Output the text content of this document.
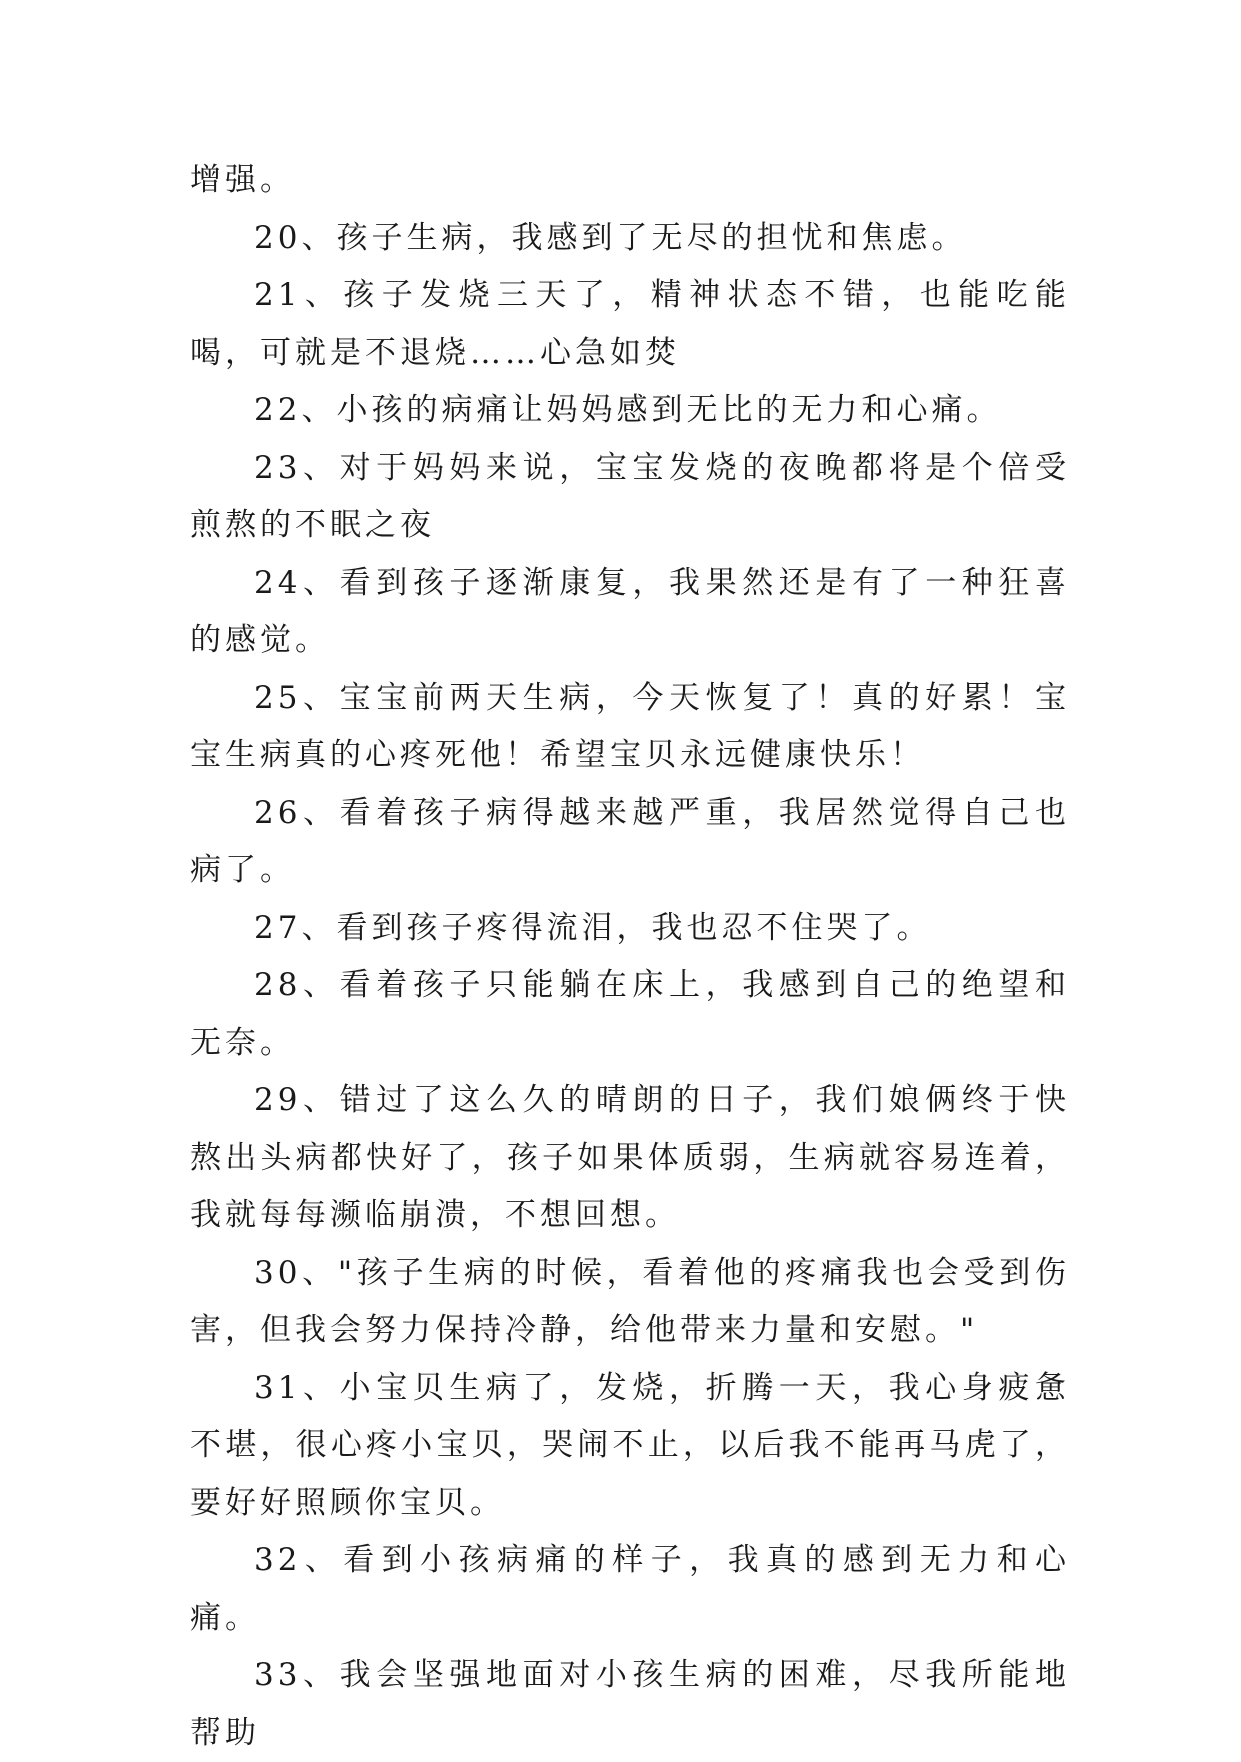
增强。

20、孩子生病，我感到了无尽的担忧和焦虑。

21、孩子发烧三天了，精神状态不错，也能吃能喝，可就是不退烧……心急如焚

22、小孩的病痛让妈妈感到无比的无力和心痛。

23、对于妈妈来说，宝宝发烧的夜晚都将是个倍受煎熬的不眠之夜

24、看到孩子逐渐康复，我果然还是有了一种狂喜的感觉。

25、宝宝前两天生病，今天恢复了！真的好累！宝宝生病真的心疼死他！希望宝贝永远健康快乐！

26、看着孩子病得越来越严重，我居然觉得自己也病了。

27、看到孩子疼得流泪，我也忍不住哭了。

28、看着孩子只能躺在床上，我感到自己的绝望和无奈。

29、错过了这么久的晴朗的日子，我们娘俩终于快熬出头病都快好了，孩子如果体质弱，生病就容易连着，我就每每濒临崩溃，不想回想。

30、"孩子生病的时候，看着他的疼痛我也会受到伤害，但我会努力保持冷静，给他带来力量和安慰。"

31、小宝贝生病了，发烧，折腾一天，我心身疲惫不堪，很心疼小宝贝，哭闹不止，以后我不能再马虎了，要好好照顾你宝贝。

32、看到小孩病痛的样子，我真的感到无力和心痛。

33、我会坚强地面对小孩生病的困难，尽我所能地帮助
